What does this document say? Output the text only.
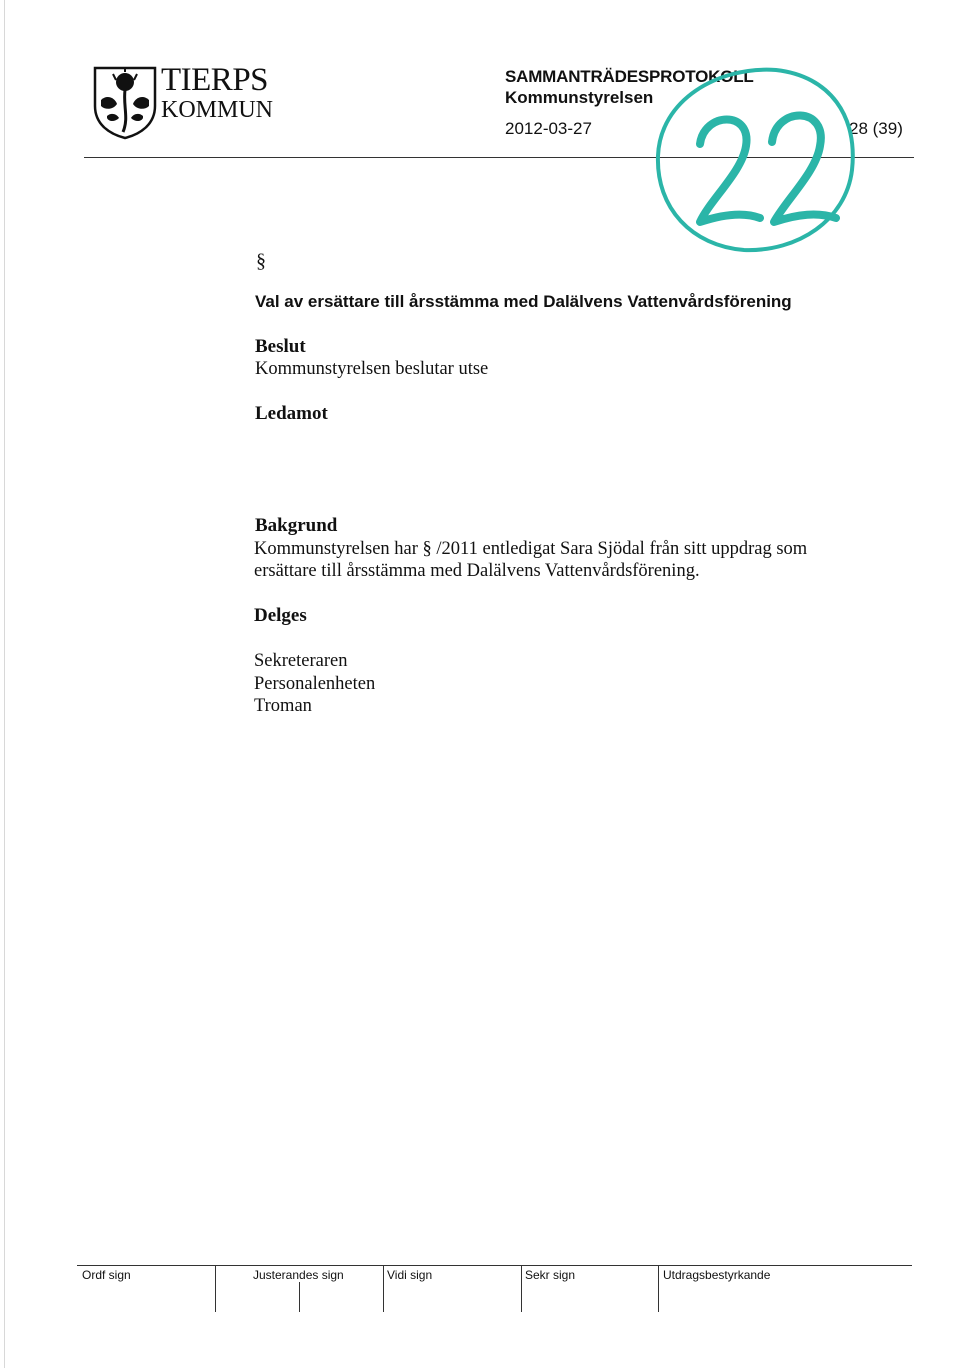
TIERPS
KOMMUN
SAMMANTRÄDESPROTOKOLL
Kommunstyrelsen
2012-03-27	28 (39)
§
Val av ersättare till årsstämma med Dalälvens Vattenvårdsförening
Beslut
Kommunstyrelsen beslutar utse
Ledamot
Bakgrund
Kommunstyrelsen har § /2011 entledigat Sara Sjödal från sitt uppdrag som
ersättare till årsstämma med Dalälvens Vattenvårdsförening.
Delges
Sekreteraren
Personalenheten
Troman
Ordf sign	Justerandes sign	Vidi sign	Sekr sign	Utdragsbestyrkande
